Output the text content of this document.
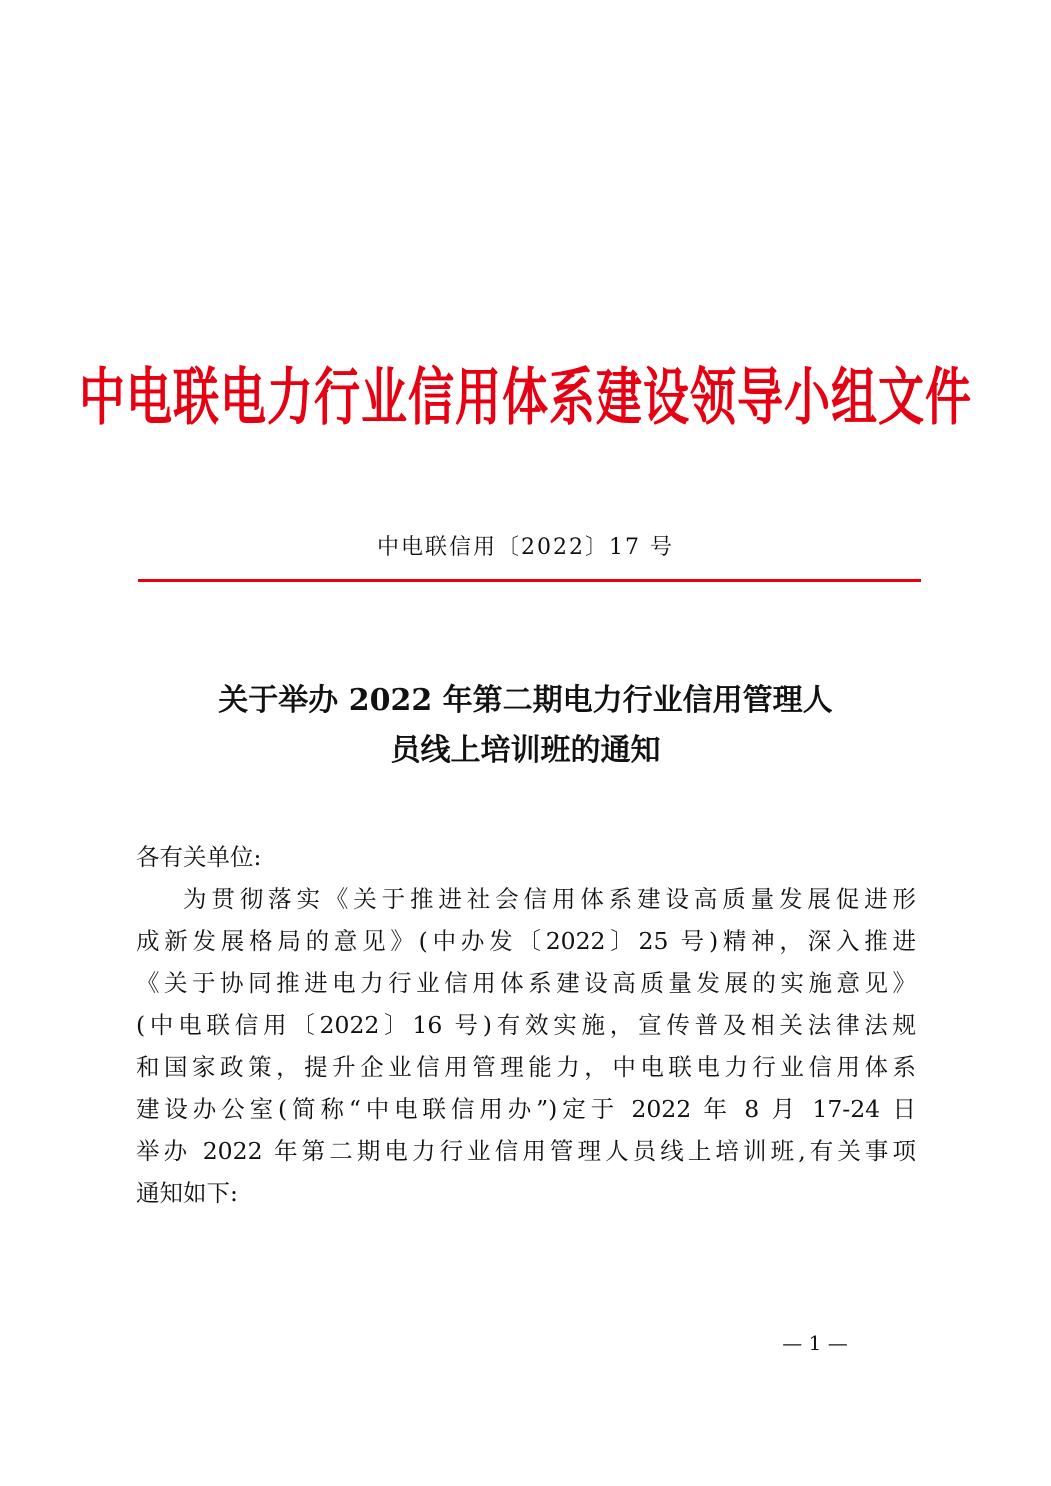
中电联电力行业信用体系建设领导小组文件
中电联信用〔2022〕17 号
关于举办 2022 年第二期电力行业信用管理人
员线上培训班的通知
各有关单位:
为贯彻落实《关于推进社会信用体系建设高质量发展促进形
成新发展格局的意见》(中办发〔2022〕25 号)精神，深入推进
《关于协同推进电力行业信用体系建设高质量发展的实施意见》
(中电联信用〔2022〕16 号)有效实施，宣传普及相关法律法规
和国家政策，提升企业信用管理能力，中电联电力行业信用体系
建设办公室(简称“中电联信用办”)定于 2022 年 8 月 17-24 日
举办 2022 年第二期电力行业信用管理人员线上培训班,有关事项
通知如下:
— 1 —
